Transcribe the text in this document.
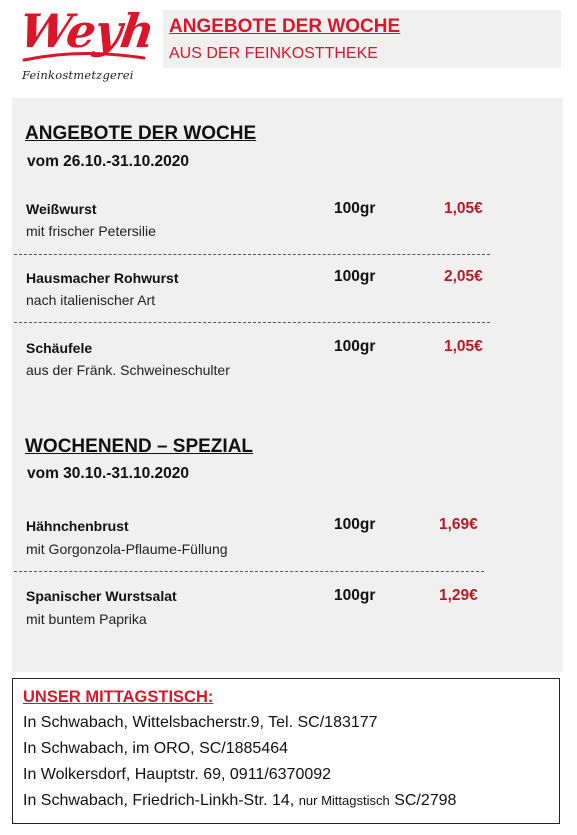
Weyh
Feinkostmetzgerei
ANGEBOTE DER WOCHE
AUS DER FEINKOSTTHEKE
ANGEBOTE DER WOCHE
vom 26.10.-31.10.2020
Weißwurst
mit frischer Petersilie
100gr	1,05€
Hausmacher Rohwurst
nach italienischer Art
100gr	2,05€
Schäufele
aus der Fränk. Schweineschulter
100gr	1,05€
WOCHENEND – SPEZIAL
vom 30.10.-31.10.2020
Hähnchenbrust
mit Gorgonzola-Pflaume-Füllung
100gr	1,69€
Spanischer Wurstsalat
mit buntem Paprika
100gr	1,29€
UNSER MITTAGSTISCH:
In Schwabach, Wittelsbacherstr.9, Tel. SC/183177
In Schwabach, im ORO, SC/1885464
In Wolkersdorf, Hauptstr. 69, 0911/6370092
In Schwabach, Friedrich-Linkh-Str. 14, nur Mittagstisch SC/2798
